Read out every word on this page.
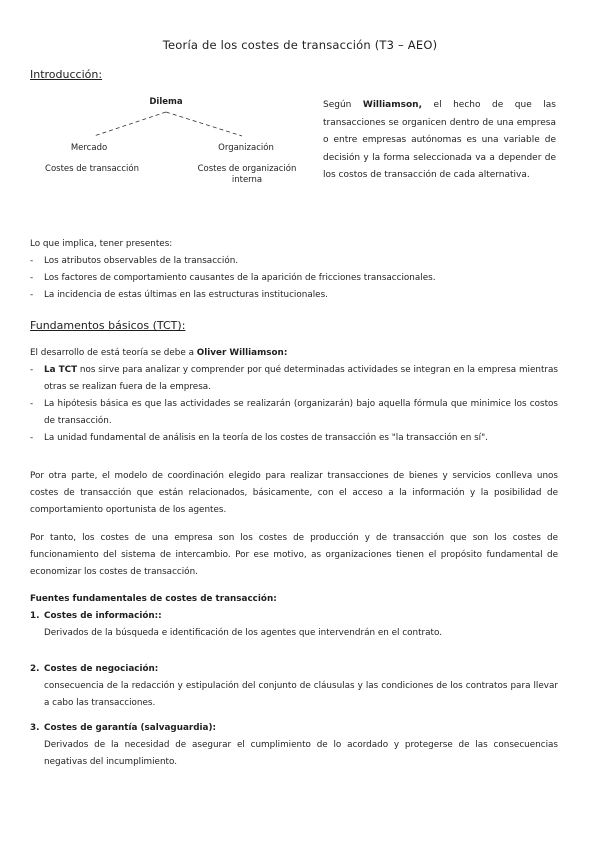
Teoría de los costes de transacción (T3 – AEO)
Introducción:
Dilema
Mercado	Organización
Costes de transacción	Costes de organización
interna
Según Williamson, el hecho de que las transacciones se organicen dentro de una empresa o entre empresas autónomas es una variable de decisión y la forma seleccionada va a depender de los costos de transacción de cada alternativa.
Lo que implica, tener presentes:
- Los atributos observables de la transacción.
- Los factores de comportamiento causantes de la aparición de fricciones transaccionales.
- La incidencia de estas últimas en las estructuras institucionales.
Fundamentos básicos (TCT):
El desarrollo de está teoría se debe a Oliver Williamson:
- La TCT nos sirve para analizar y comprender por qué determinadas actividades se integran en la empresa mientras otras se realizan fuera de la empresa.
- La hipótesis básica es que las actividades se realizarán (organizarán) bajo aquella fórmula que minimice los costos de transacción.
- La unidad fundamental de análisis en la teoría de los costes de transacción es "la transacción en sí".
Por otra parte, el modelo de coordinación elegido para realizar transacciones de bienes y servicios conlleva unos costes de transacción que están relacionados, básicamente, con el acceso a la información y la posibilidad de comportamiento oportunista de los agentes.
Por tanto, los costes de una empresa son los costes de producción y de transacción que son los costes de funcionamiento del sistema de intercambio. Por ese motivo, as organizaciones tienen el propósito fundamental de economizar los costes de transacción.
Fuentes fundamentales de costes de transacción:
1. Costes de información::
Derivados de la búsqueda e identificación de los agentes que intervendrán en el contrato.
2. Costes de negociación:
consecuencia de la redacción y estipulación del conjunto de cláusulas y las condiciones de los contratos para llevar a cabo las transacciones.
3. Costes de garantía (salvaguardia):
Derivados de la necesidad de asegurar el cumplimiento de lo acordado y protegerse de las consecuencias negativas del incumplimiento.
